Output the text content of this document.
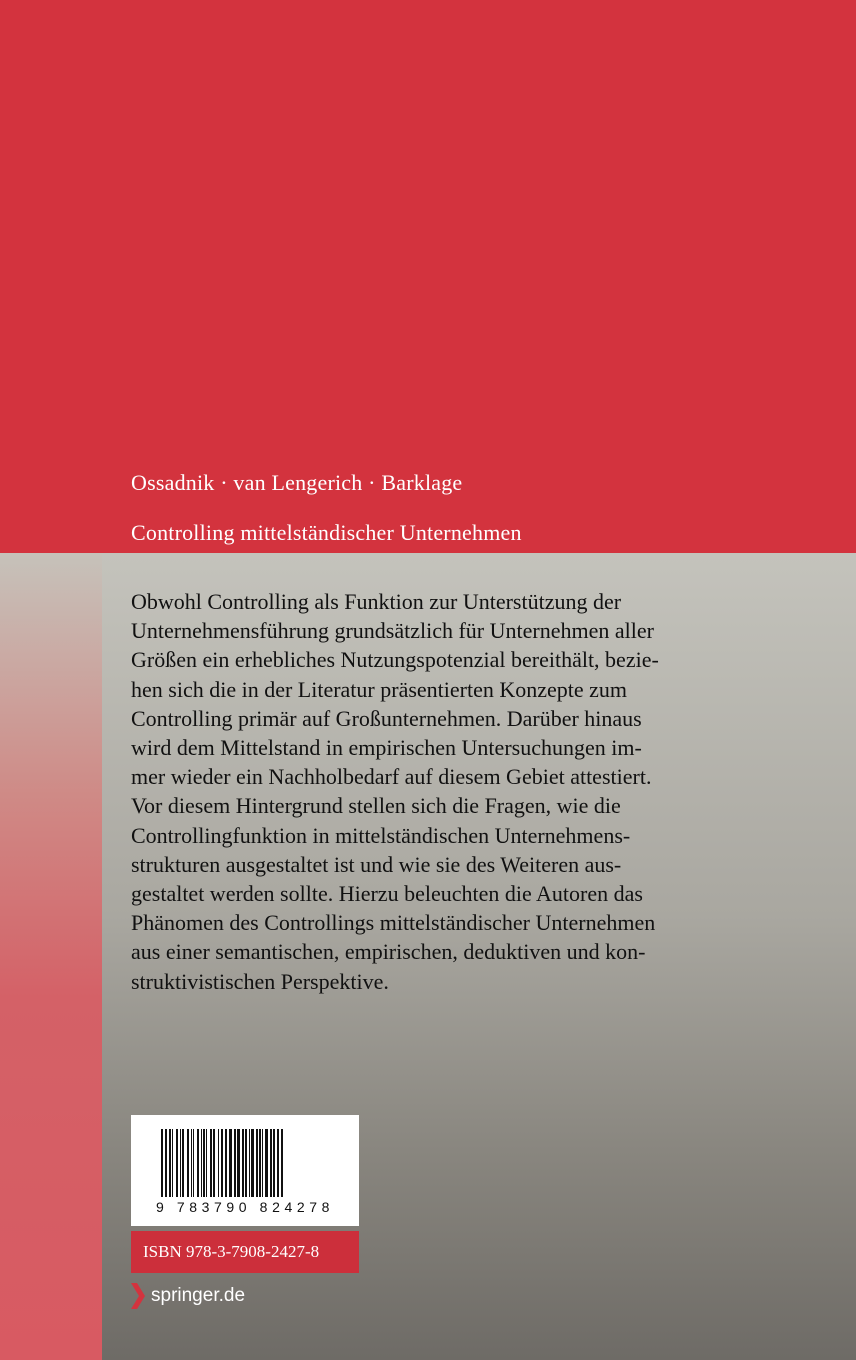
Ossadnik · van Lengerich · Barklage
Controlling mittelständischer Unternehmen

Obwohl Controlling als Funktion zur Unterstützung der
Unternehmensführung grundsätzlich für Unternehmen aller
Größen ein erhebliches Nutzungspotenzial bereithält, bezie-
hen sich die in der Literatur präsentierten Konzepte zum
Controlling primär auf Großunternehmen. Darüber hinaus
wird dem Mittelstand in empirischen Untersuchungen im-
mer wieder ein Nachholbedarf auf diesem Gebiet attestiert.
Vor diesem Hintergrund stellen sich die Fragen, wie die
Controllingfunktion in mittelständischen Unternehmens-
strukturen ausgestaltet ist und wie sie des Weiteren aus-
gestaltet werden sollte. Hierzu beleuchten die Autoren das
Phänomen des Controllings mittelständischer Unternehmen
aus einer semantischen, empirischen, deduktiven und kon-
struktivistischen Perspektive.

9 783790 824278
ISBN 978-3-7908-2427-8
springer.de
